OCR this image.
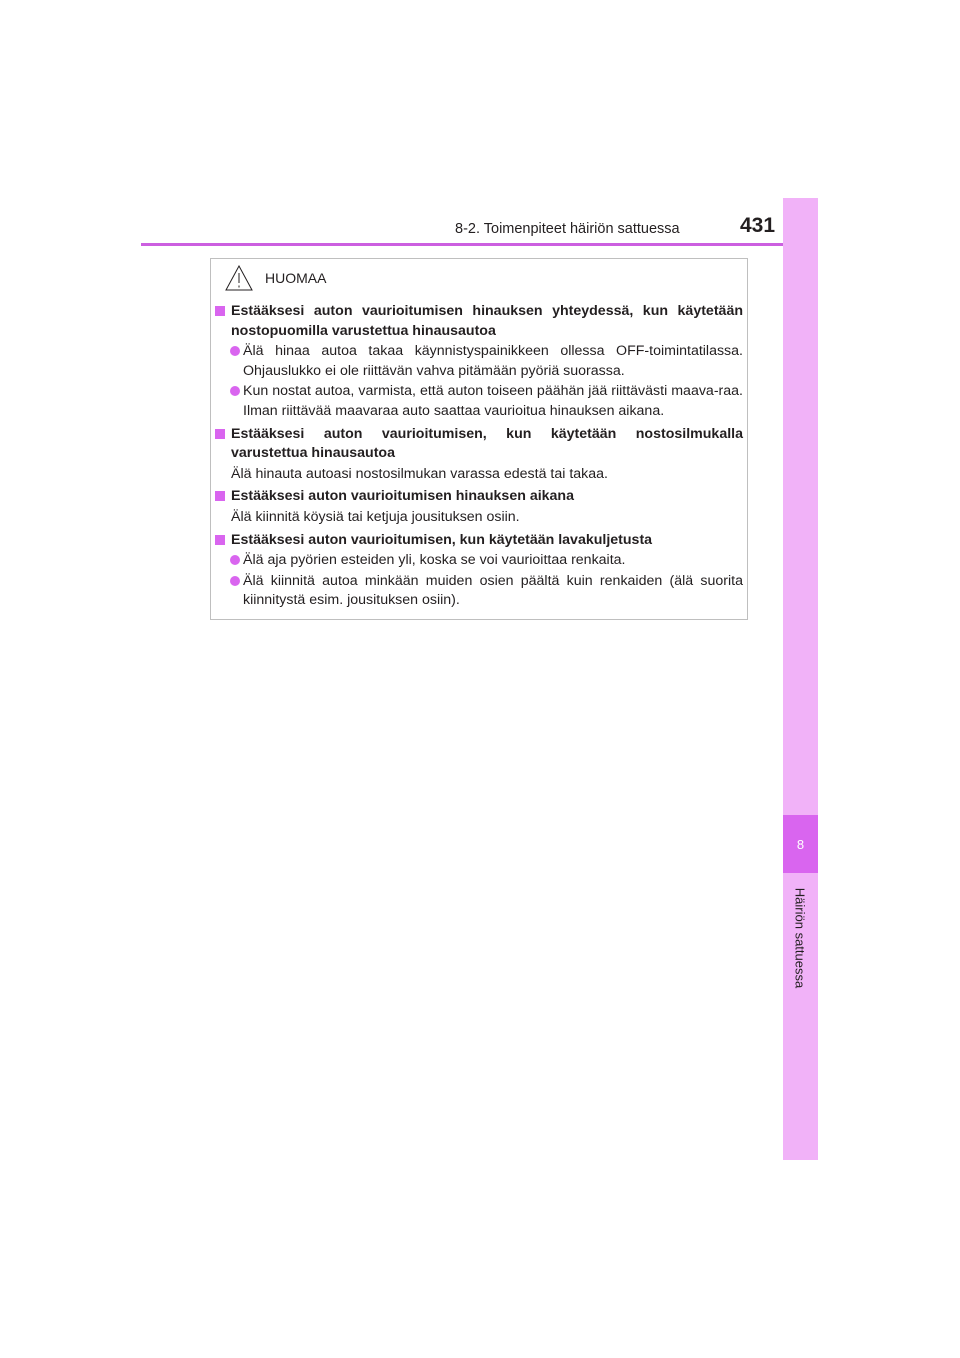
8-2. Toimenpiteet häiriön sattuessa	431
8
Häiriön sattuessa
HUOMAA
Estääksesi auton vaurioitumisen hinauksen yhteydessä, kun käytetään nostopuomilla varustettua hinausautoa
Älä hinaa autoa takaa käynnistyspainikkeen ollessa OFF-toimintatilassa. Ohjauslukko ei ole riittävän vahva pitämään pyöriä suorassa.
Kun nostat autoa, varmista, että auton toiseen päähän jää riittävästi maava-raa. Ilman riittävää maavaraa auto saattaa vaurioitua hinauksen aikana.
Estääksesi auton vaurioitumisen, kun käytetään nostosilmukalla varustettua hinausautoa
Älä hinauta autoasi nostosilmukan varassa edestä tai takaa.
Estääksesi auton vaurioitumisen hinauksen aikana
Älä kiinnitä köysiä tai ketjuja jousituksen osiin.
Estääksesi auton vaurioitumisen, kun käytetään lavakuljetusta
Älä aja pyörien esteiden yli, koska se voi vaurioittaa renkaita.
Älä kiinnitä autoa minkään muiden osien päältä kuin renkaiden (älä suorita kiinnitystä esim. jousituksen osiin).
